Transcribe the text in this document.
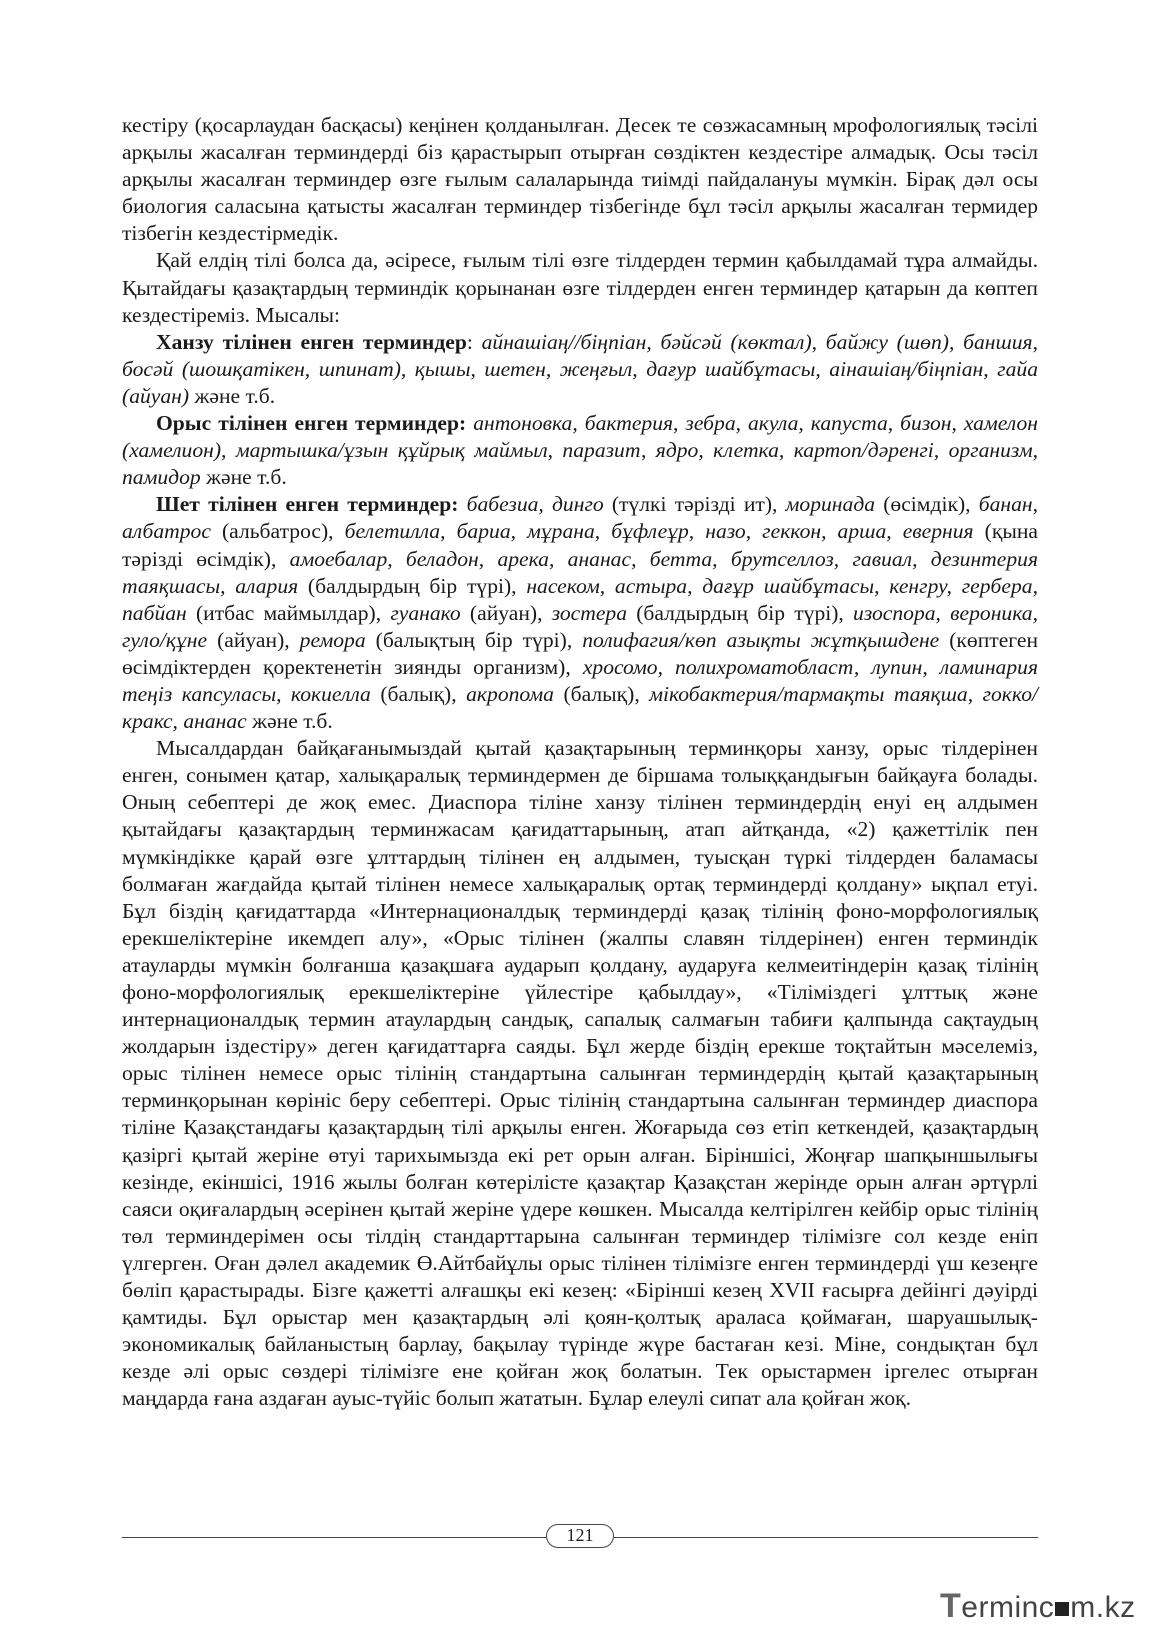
кестіру (қосарлаудан басқасы) кеңінен қолданылған. Десек те сөзжасамның мрофологиялық тәсілі арқылы жасалған терминдерді біз қарастырып отырған сөздіктен кездестіре алмадық. Осы тәсіл арқылы жасалған терминдер өзге ғылым салаларында тиімді пайдалануы мүмкін. Бірақ дәл осы биология саласына қатысты жасалған терминдер тізбегінде бұл тәсіл арқылы жасалған термидер тізбегін кездестірмедік.

Қай елдің тілі болса да, әсіресе, ғылым тілі өзге тілдерден термин қабылдамай тұра алмайды. Қытайдағы қазақтардың терминдік қорынанан өзге тілдерден енген терминдер қатарын да көптеп кездестіреміз. Мысалы:

Ханзу тілінен енген терминдер: айнашіаң//біңпіан, бәйсәй (көктал), байжу (шөп), баншия, босәй (шошқатікен, шпинат), қышы, шетен, жеңғыл, дағур шайбұтасы, аінашіаң/біңпіан, гайа (айуан) және т.б.

Орыс тілінен енген терминдер: антоновка, бактерия, зебра, акула, капуста, бизон, хамелон (хамелион), мартышка/ұзын құйрық маймыл, паразит, ядро, клетка, картоп/дәренгі, организм, памидор және т.б.

Шет тілінен енген терминдер: бабезиа, динго (түлкі тәрізді ит), моринада (өсімдік), банан, албатрос (альбатрос), белетилла, бариа, мұрана, бұфлеұр, назо, геккон, арша, еверния (қына тәрізді өсімдік), амоебалар, беладон, арека, ананас, бетта, брутселлоз, гавиал, дезинтерия таяқшасы, алария (балдырдың бір түрі), насеком, астыра, дағұр шайбұтасы, кенгру, гербера, пабйан (итбас маймылдар), гуанако (айуан), зостера (балдырдың бір түрі), изоспора, вероника, гуло/құне (айуан), ремора (балықтың бір түрі), полифагия/көп азықты жұтқышдене (көптеген өсімдіктерден қоректенетін зиянды организм), хросомо, полихроматобласт, лупин, ламинария теңіз капсуласы, кокиелла (балық), акропома (балық), мікобактерия/тармақты таяқша, гокко/кракс, ананас және т.б.

Мысалдардан байқағанымыздай қытай қазақтарының терминқоры ханзу, орыс тілдерінен енген, сонымен қатар, халықаралық терминдермен де біршама толыққандығын байқауға болады. Оның себептері де жоқ емес. Диаспора тіліне ханзу тілінен терминдердің енуі ең алдымен қытайдағы қазақтардың терминжасам қағидаттарының, атап айтқанда, «2) қажеттілік пен мүмкіндікке қарай өзге ұлттардың тілінен ең алдымен, туысқан түркі тілдерден баламасы болмаған жағдайда қытай тілінен немесе халықаралық ортақ терминдерді қолдану» ықпал етуі. Бұл біздің қағидаттарда «Интернационалдық терминдерді қазақ тілінің фоно-морфологиялық ерекшеліктеріне икемдеп алу», «Орыс тілінен (жалпы славян тілдерінен) енген терминдік атауларды мүмкін болғанша қазақшаға аударып қолдану, аударуға келмеитіндерін қазақ тілінің фоно-морфологиялық ерекшеліктеріне үйлестіре қабылдау», «Тіліміздегі ұлттық және интернационалдық термин атаулардың сандық, сапалық салмағын табиғи қалпында сақтаудың жолдарын іздестіру» деген қағидаттарға саяды. Бұл жерде біздің ерекше тоқтайтын мәселеміз, орыс тілінен немесе орыс тілінің стандартына салынған терминдердің қытай қазақтарының терминқорынан көрініс беру себептері. Орыс тілінің стандартына салынған терминдер диаспора тіліне Қазақстандағы қазақтардың тілі арқылы енген. Жоғарыда сөз етіп кеткендей, қазақтардың қазіргі қытай жеріне өтуі тарихымызда екі рет орын алған. Біріншісі, Жоңғар шапқыншылығы кезінде, екіншісі, 1916 жылы болған көтерілісте қазақтар Қазақстан жерінде орын алған әртүрлі саяси оқиғалардың әсерінен қытай жеріне үдере көшкен. Мысалда келтірілген кейбір орыс тілінің төл терминдерімен осы тілдің стандарттарына салынған терминдер тілімізге сол кезде еніп үлгерген. Оған дәлел академик Ө.Айтбайұлы орыс тілінен тілімізге енген терминдерді үш кезеңге бөліп қарастырады. Бізге қажетті алғашқы екі кезең: «Бірінші кезең XVII ғасырға дейінгі дәуірді қамтиды. Бұл орыстар мен қазақтардың әлі қоян-қолтық араласа қоймаған, шаруашылық-экономикалық байланыстың барлау, бақылау түрінде жүре бастаған кезі. Міне, сондықтан бұл кезде әлі орыс сөздері тілімізге ене қойған жоқ болатын. Тек орыстармен іргелес отырған маңдарда ғана аздаған ауыс-түйіс болып жататын. Бұлар елеулі сипат ала қойған жоқ.

121
Terminc m.kz
